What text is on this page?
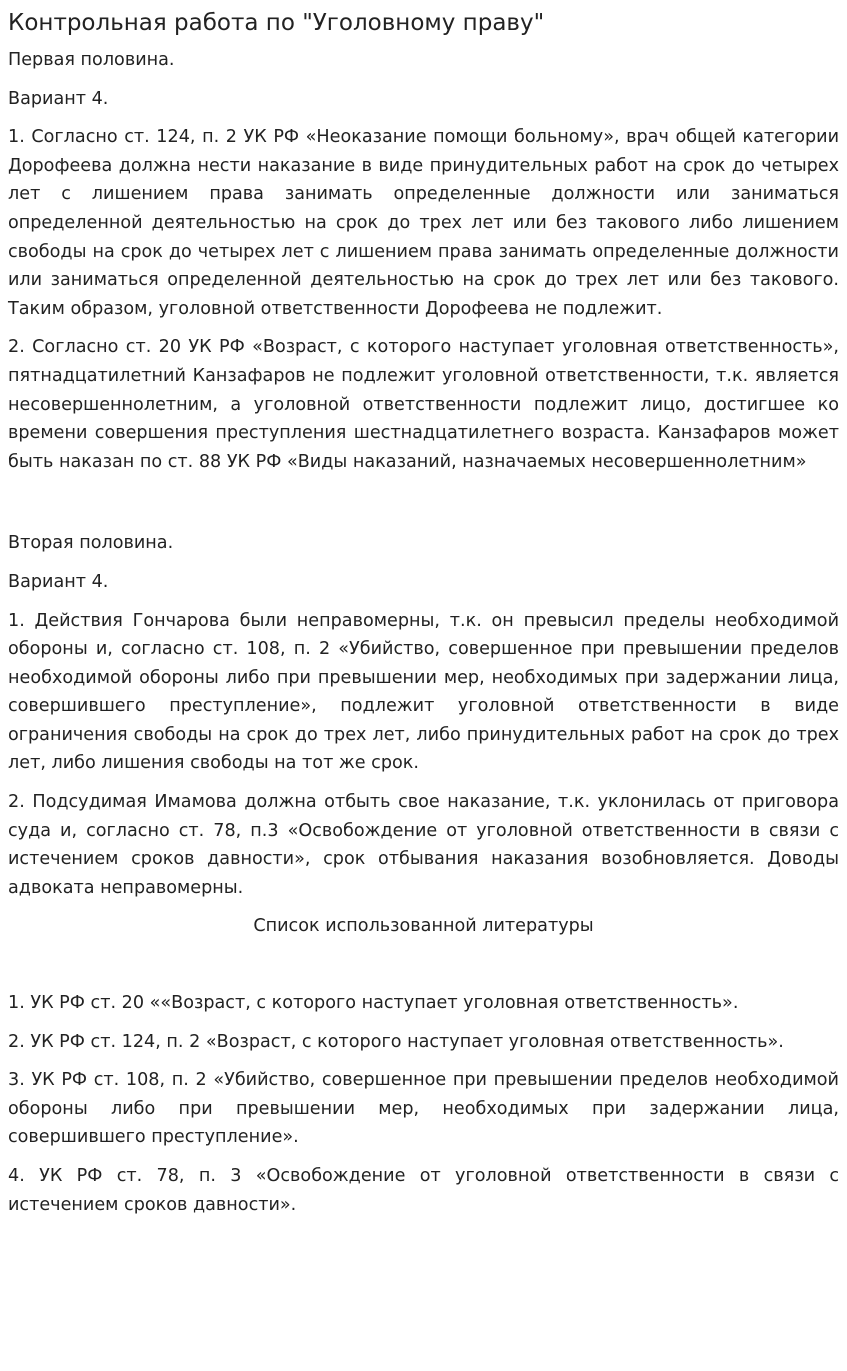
Контрольная работа по "Уголовному праву"

Первая половина.

Вариант 4.

1. Согласно ст. 124, п. 2 УК РФ «Неоказание помощи больному», врач общей категории Дорофеева должна нести наказание в виде принудительных работ на срок до четырех лет с лишением права занимать определенные должности или заниматься определенной деятельностью на срок до трех лет или без такового либо лишением свободы на срок до четырех лет с лишением права занимать определенные должности или заниматься определенной деятельностью на срок до трех лет или без такового. Таким образом, уголовной ответственности Дорофеева не подлежит.

2. Согласно ст. 20 УК РФ «Возраст, с которого наступает уголовная ответственность», пятнадцатилетний Канзафаров не подлежит уголовной ответственности, т.к. является несовершеннолетним, а уголовной ответственности подлежит лицо, достигшее ко времени совершения преступления шестнадцатилетнего возраста. Канзафаров может быть наказан по ст. 88 УК РФ «Виды наказаний, назначаемых несовершеннолетним»

Вторая половина.

Вариант 4.

1. Действия Гончарова были неправомерны, т.к. он превысил пределы необходимой обороны и, согласно ст. 108, п. 2 «Убийство, совершенное при превышении пределов необходимой обороны либо при превышении мер, необходимых при задержании лица, совершившего преступление», подлежит уголовной ответственности в виде ограничения свободы на срок до трех лет, либо принудительных работ на срок до трех лет, либо лишения свободы на тот же срок.

2. Подсудимая Имамова должна отбыть свое наказание, т.к. уклонилась от приговора суда и, согласно ст. 78, п.3 «Освобождение от уголовной ответственности в связи с истечением сроков давности», срок отбывания наказания возобновляется. Доводы адвоката неправомерны.

Список использованной литературы

1. УК РФ ст. 20 ««Возраст, с которого наступает уголовная ответственность».

2. УК РФ ст. 124, п. 2 «Возраст, с которого наступает уголовная ответственность».

3. УК РФ ст. 108, п. 2 «Убийство, совершенное при превышении пределов необходимой обороны либо при превышении мер, необходимых при задержании лица, совершившего преступление».

4. УК РФ ст. 78, п. 3 «Освобождение от уголовной ответственности в связи с истечением сроков давности».
